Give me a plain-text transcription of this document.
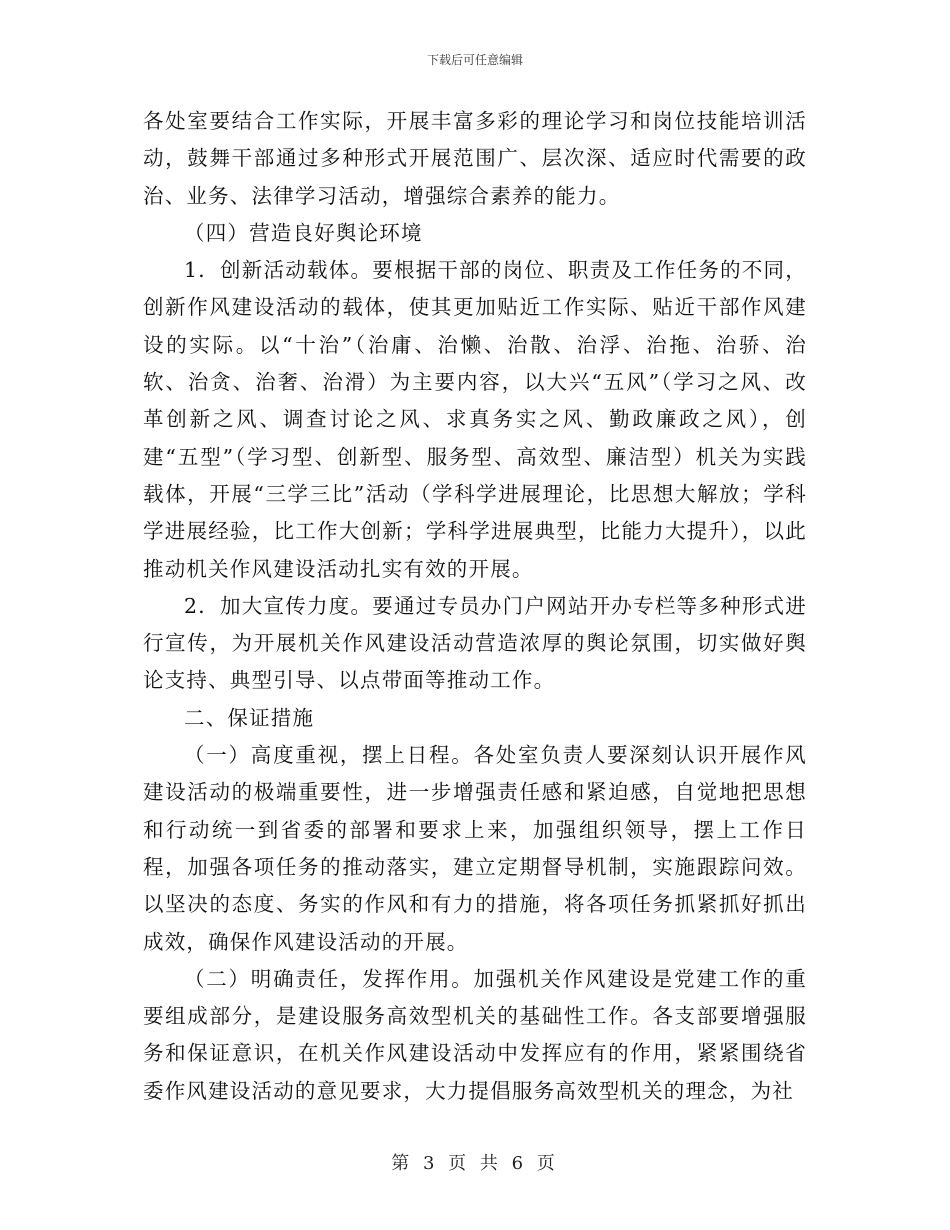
下载后可任意编辑

各处室要结合工作实际，开展丰富多彩的理论学习和岗位技能培训活动，鼓舞干部通过多种形式开展范围广、层次深、适应时代需要的政治、业务、法律学习活动，增强综合素养的能力。

（四）营造良好舆论环境

1．创新活动载体。要根据干部的岗位、职责及工作任务的不同，创新作风建设活动的载体，使其更加贴近工作实际、贴近干部作风建设的实际。以“十治”（治庸、治懒、治散、治浮、治拖、治骄、治软、治贪、治奢、治滑）为主要内容，以大兴“五风”（学习之风、改革创新之风、调查讨论之风、求真务实之风、勤政廉政之风），创建“五型”（学习型、创新型、服务型、高效型、廉洁型）机关为实践载体，开展“三学三比”活动（学科学进展理论，比思想大解放；学科学进展经验，比工作大创新；学科学进展典型，比能力大提升），以此推动机关作风建设活动扎实有效的开展。

2．加大宣传力度。要通过专员办门户网站开办专栏等多种形式进行宣传，为开展机关作风建设活动营造浓厚的舆论氛围，切实做好舆论支持、典型引导、以点带面等推动工作。

二、保证措施

（一）高度重视，摆上日程。各处室负责人要深刻认识开展作风建设活动的极端重要性，进一步增强责任感和紧迫感，自觉地把思想和行动统一到省委的部署和要求上来，加强组织领导，摆上工作日程，加强各项任务的推动落实，建立定期督导机制，实施跟踪问效。以坚决的态度、务实的作风和有力的措施，将各项任务抓紧抓好抓出成效，确保作风建设活动的开展。

（二）明确责任，发挥作用。加强机关作风建设是党建工作的重要组成部分，是建设服务高效型机关的基础性工作。各支部要增强服务和保证意识，在机关作风建设活动中发挥应有的作用，紧紧围绕省委作风建设活动的意见要求，大力提倡服务高效型机关的理念，为社

第 3 页 共 6 页
